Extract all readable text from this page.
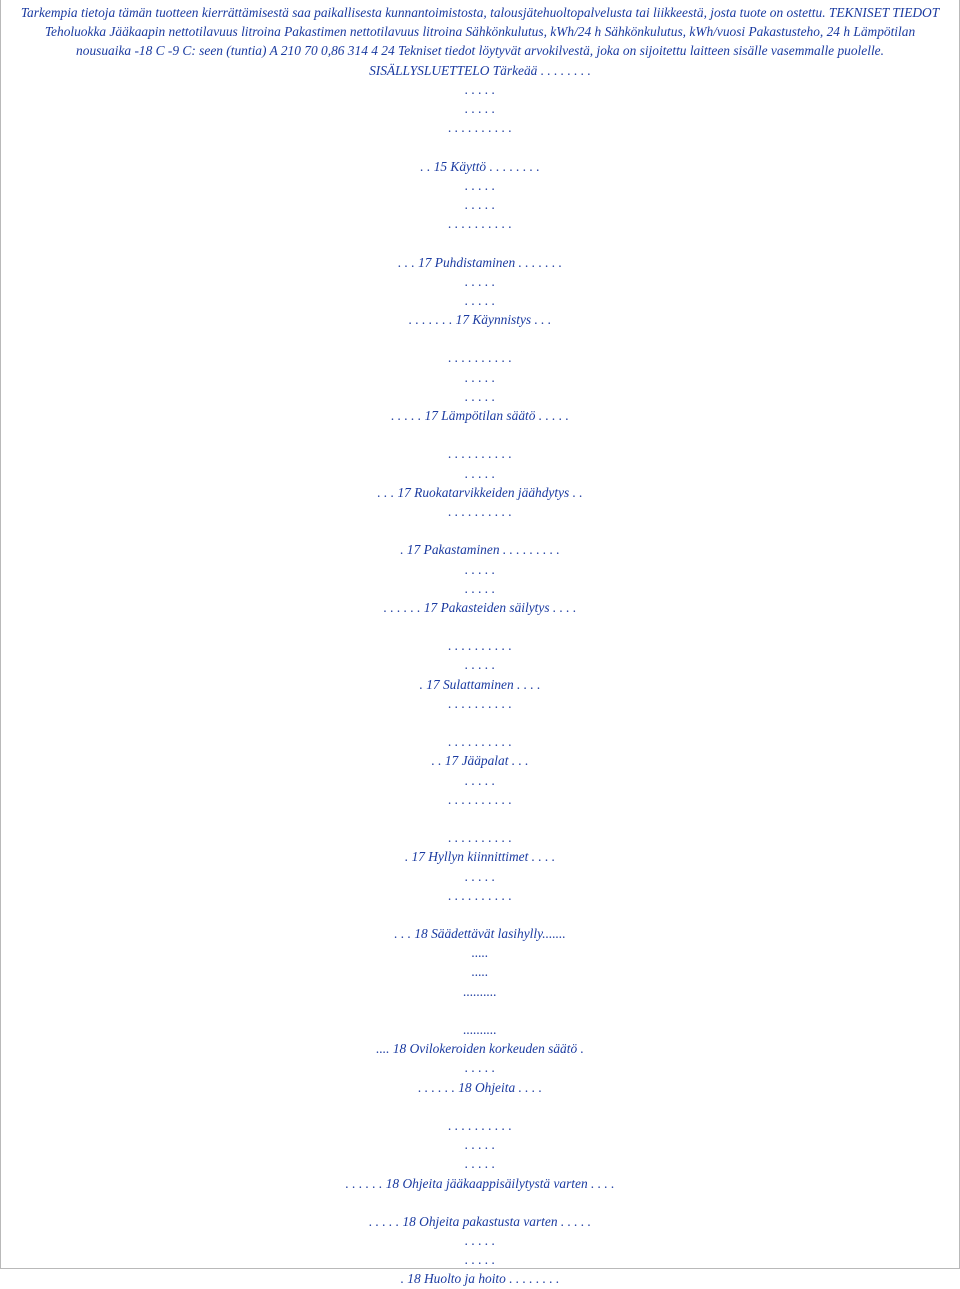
Tarkempia tietoja tämän tuotteen kierrättämisestä saa paikallisesta kunnantoimistosta, talousjätehuoltopalvelusta tai liikkeestä, josta tuote on ostettu. TEKNISET TIEDOT Teholuokka Jääkaapin nettotilavuus litroina Pakastimen nettotilavuus litroina Sähkönkulutus, kWh/24 h Sähkönkulutus, kWh/vuosi Pakastusteho, 24 h Lämpötilan nousuaika -18 C -9 C: seen (tuntia) A 210 70 0,86 314 4 24 Tekniset tiedot löytyvät arvokilvestä, joka on sijoitettu laitteen sisälle vasemmalle puolelle. SISÄLLYSLUETTELO Tärkeää . . . . . . . .

. . . . .
. . . . .
. . . . . . . . . .
. . 15 Käyttö . . . . . . . .
. . . . .
. . . . .
. . . . . . . . . .
. . . 17 Puhdistaminen . . . . . . .
. . . . .
. . . . .
. . . . . . . 17 Käynnistys . . .
. . . . . . . . . .
. . . . .
. . . . .
. . . . . 17 Lämpötilan säätö . . . . .
. . . . . . . . . .
. . . . .
. . . 17 Ruokatarvikkeiden jäähdytys . .
. . . . . . . . . .
. 17 Pakastaminen . . . . . . . . .
. . . . .
. . . . .
. . . . . . 17 Pakasteiden säilytys . . . .
. . . . . . . . . .
. . . . .
. 17 Sulattaminen . . . .
. . . . . . . . . .
. . . . . . . . . .
. . 17 Jääpalat . . .
. . . . .
. . . . . . . . . .
. . . . . . . . . .
. 17 Hyllyn kiinnittimet . . . .
. . . . .
. . . . . . . . . .
. . . 18 Säädettävät lasihylly.......
.....
.....
..........
..........
.... 18 Ovilokeroiden korkeuden säätö .
. . . . .
. . . . . . 18 Ohjeita . . . .
. . . . . . . . . .
. . . . .
. . . . .
. . . . . . 18 Ohjeita jääkaappisäilytystä varten . . . .
. . . . . 18 Ohjeita pakastusta varten . . . . .
. . . . .
. . . . .
. 18 Huolto ja hoito . . . . . . . .
